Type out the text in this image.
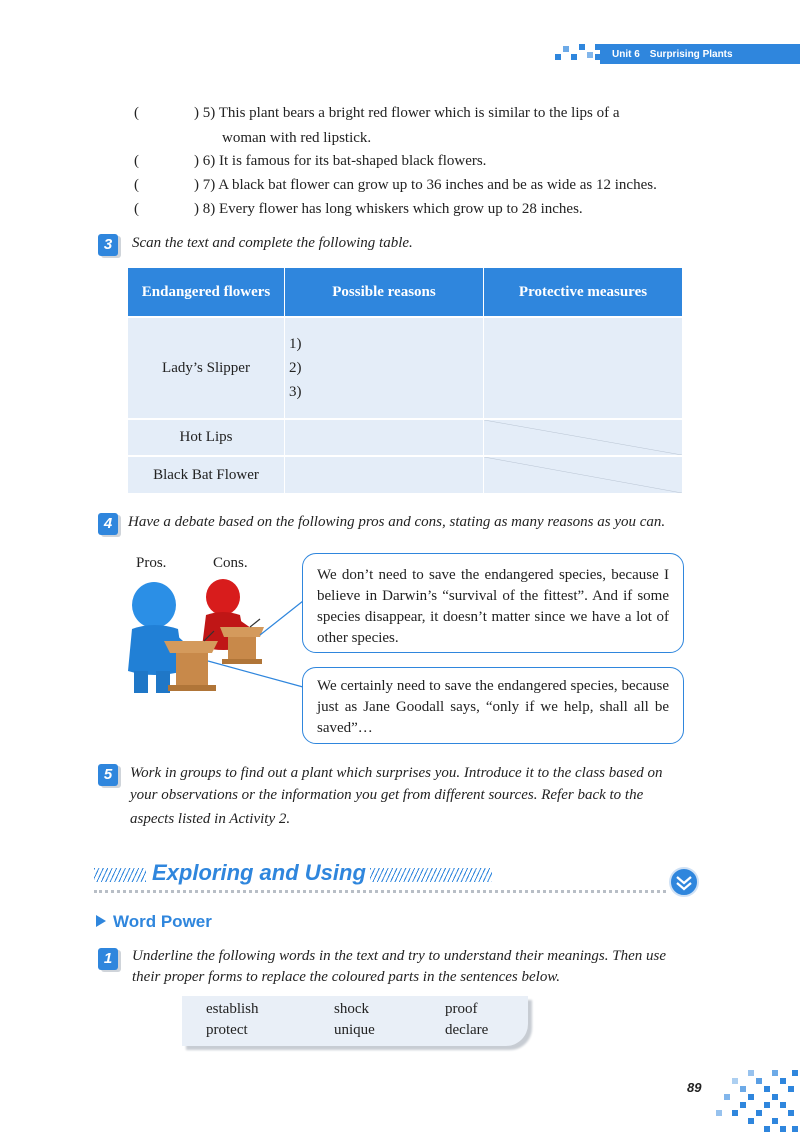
Unit 6 Surprising Plants
(	) 5) This plant bears a bright red flower which is similar to the lips of a
woman with red lipstick.
(	) 6) It is famous for its bat-shaped black flowers.
(	) 7) A black bat flower can grow up to 36 inches and be as wide as 12 inches.
(	) 8) Every flower has long whiskers which grow up to 28 inches.
3	Scan the text and complete the following table.
Endangered flowers	Possible reasons	Protective measures
Lady’s Slipper	1)
2)
3)	

Hot Lips		

Black Bat Flower		
4	Have a debate based on the following pros and cons, stating as many reasons as you can.
Pros.	Cons.
We don’t need to save the endangered species, because I believe in Darwin’s “survival of the fittest”. And if some species disappear, it doesn’t matter since we have a lot of other species.
We certainly need to save the endangered species, because just as Jane Goodall says, “only if we help, shall all be saved”…
5	Work in groups to find out a plant which surprises you. Introduce it to the class based on
your observations or the information you get from different sources. Refer back to the
aspects listed in Activity 2.
Exploring and Using
Word Power
1	Underline the following words in the text and try to understand their meanings. Then use
their proper forms to replace the coloured parts in the sentences below.
establish	shock	proof
protect	unique	declare
89
